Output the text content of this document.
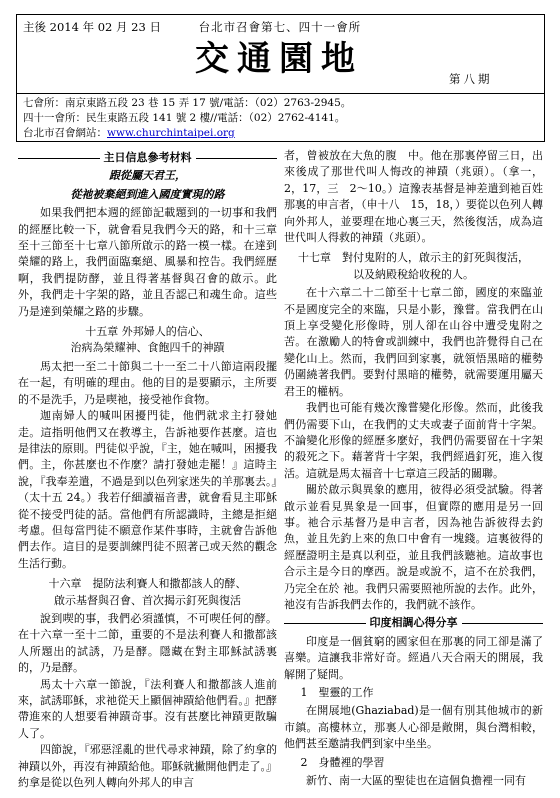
主後 2014 年 02 月 23 日	台北市召會第七、四十一會所
交通園地	第八期
七會所：南京東路五段 23 巷 15 弄 17 號/電話：（02）2763-2945。
四十一會所：民生東路五段 141 號 2 樓//電話：（02）2762-4141。
台北市召會網站：www.churchintaipei.org
主日信息參考材料
跟從屬天君王，
從祂被棄絕到進入國度實現的路

如果我們把本週的經節記載題到的一切事和我們的經歷比較一下，就會看見我們今天的路，和十三章至十三節至十七章八節所啟示的路一模一樣。在達到榮耀的路上，我們面臨棄絕、風暴和控告。我們經歷啊，我們提防酵，並且得著基督與召會的啟示。此外，我們走十字架的路，並且否認己和魂生命。這些乃是達到榮耀之路的步驟。

十五章 外邦婦人的信心、
治病為榮耀神、食飽四千的神蹟

馬太把一至二十節與二十一至二十八節這兩段擺在一起，有明確的理由。他的目的是要顯示，主所要的不是洗手，乃是喫祂，接受祂作食物。

迦南婦人的喊叫困擾門徒，他們就求主打發她走。這指明他們又在教導主，告訴祂要作甚麼。這也是律法的原則。門徒似乎說，『主，她在喊叫，困擾我們。主，你甚麼也不作麼？請打發她走罷！』這時主說，『我奉差遣，不過是到以色列家迷失的羊那裏去。』（太十五 24。）我若仔細讀福音書，就會看見主耶穌從不接受門徒的話。當他們有所認識時，主總是拒絕考慮。但每當門徒不願意作某件事時，主就會告訴他們去作。這目的是要訓練門徒不照著己或天然的觀念生活行動。

十六章　提防法利賽人和撒都該人的酵、
啟示基督與召會、首次揭示釘死與復活

說到喫的事，我們必須謹慎，不可喫任何的酵。在十六章一至十二節，重要的不是法利賽人和撒都該人所題出的試誘，乃是酵。隱藏在對主耶穌試誘裏的，乃是酵。

馬太十六章一節說，『法利賽人和撒都該人進前來，試誘耶穌，求祂從天上顯個神蹟給他們看。』把酵帶進來的人想要看神蹟奇事。沒有甚麼比神蹟更散騙人了。

四節說，『邪惡淫亂的世代尋求神蹟，除了約拿的神蹟以外，再沒有神蹟給他。耶穌就撇開他們走了。』約拿是從以色列人轉向外邦人的申言

者，曾被放在大魚的腹　中。他在那裏停留三日，出來後成了那世代叫人悔改的神蹟（兆頭）。（拿一，2，17，三　2～10。）這豫表基督是神差遣到祂百姓那裏的申言者，（申十八　15，18，）要從以色列人轉向外邦人，並要理在地心裏三天，然後復活，成為這世代叫人得救的神蹟（兆頭）。

十七章　對付鬼附的人，啟示主的釘死與復活，
以及納殿稅給收稅的人。

在十六章二十二節至十七章二節，國度的來臨並不是國度完全的來臨，只是小影，豫嘗。當我們在山頂上享受變化形像時，別人卻在山谷中遭受鬼附之苦。在激勵人的特會或訓練中，我們也許覺得自己在變化山上。然而，我們回到家裏，就領悟黑暗的權勢仍圍繞著我們。要對付黑暗的權勢，就需要運用屬天君王的權柄。

我們也可能有幾次豫嘗變化形像。然而，此後我們仍需要下山，在我們的丈夫或妻子面前背十字架。不論變化形像的經歷多麼好，我們仍需要留在十字架的殺死之下。藉著背十字架，我們經過釘死，進入復活。這就是馬太福音十七章這三段話的關聯。

關於啟示與異象的應用，彼得必須受試驗。得著啟示並看見異象是一回事，但實際的應用是另一回事。祂合示基督乃是申言者，因為祂告訴彼得去釣魚，並且先釣上來的魚口中會有一塊錢。這裏彼得的經歷證明主是真以利亞，並且我們該聽祂。這故事也合示主是今日的摩西。說是或說不，這不在於我們，乃完全在於 祂。我們只需要照祂所說的去作。此外，祂沒有告訴我們去作的，我們就不該作。

印度相調心得分享

印度是一個貧窮的國家但在那裏的同工卻是滿了喜樂。這讓我非常好奇。經過八天合兩天的開展，我解開了疑問。

1　聖靈的工作

在開展地(Ghaziabad)是一個有別其他城市的新市鎮。高樓林立，那裏人心卻是敞開，與台灣相較，他們甚至邀請我們到家中坐坐。

2　身體裡的學習

新竹、南一大區的聖徒也在這個負擔裡一同有
